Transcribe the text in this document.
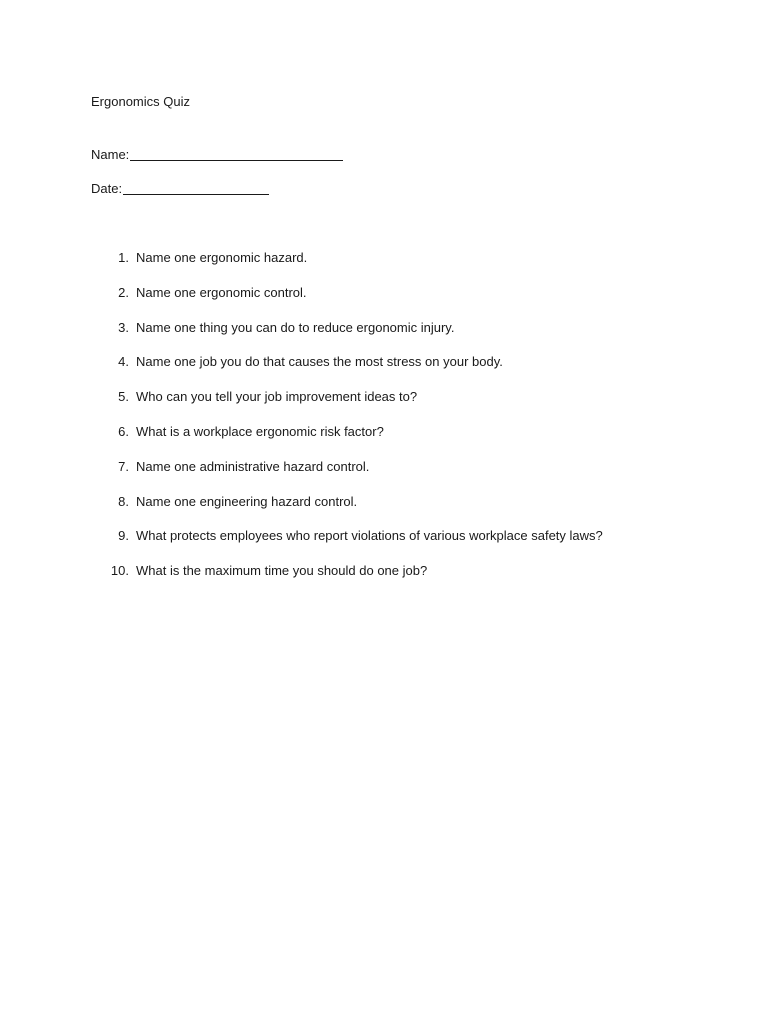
Ergonomics Quiz
Name:
Date:
1. Name one ergonomic hazard.
2. Name one ergonomic control.
3. Name one thing you can do to reduce ergonomic injury.
4. Name one job you do that causes the most stress on your body.
5. Who can you tell your job improvement ideas to?
6. What is a workplace ergonomic risk factor?
7. Name one administrative hazard control.
8. Name one engineering hazard control.
9. What protects employees who report violations of various workplace safety laws?
10. What is the maximum time you should do one job?
